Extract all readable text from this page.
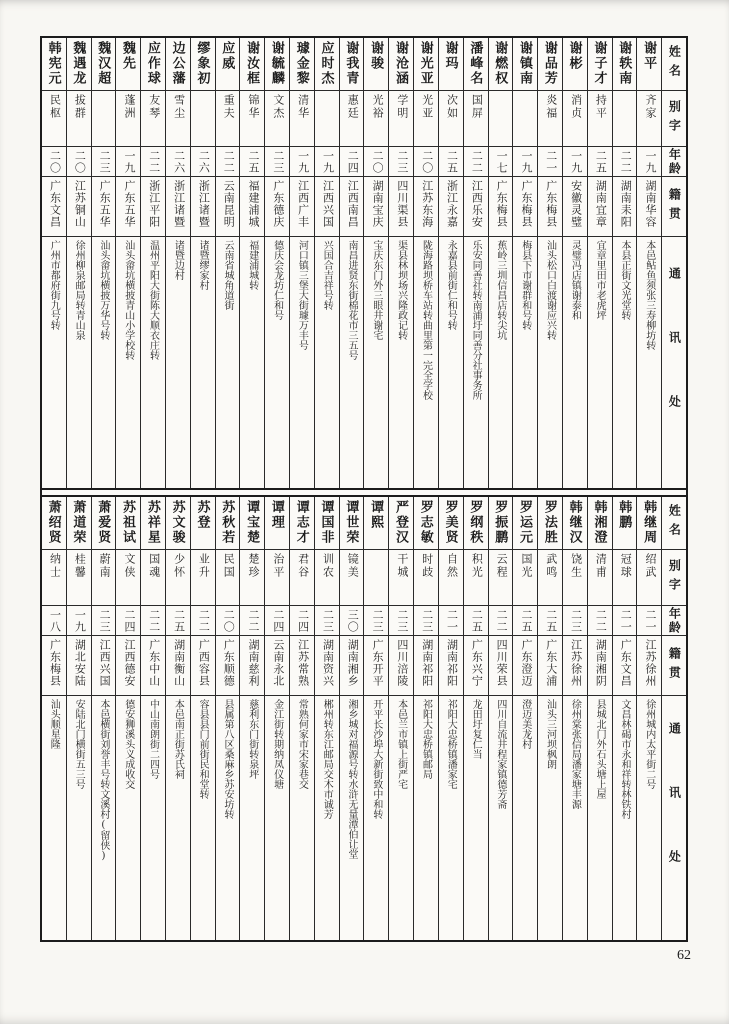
姓名
别字
年龄
籍贯
通讯处
谢平
齐家
一九
湖南华容
本邑鲇鱼须张三寿柳坊转
谢轶南
二二
湖南耒阳
本县正街文光堂转
谢子才
持平
二五
湖南宜章
宜章里田市老虎坪
谢彬
消贞
一九
安徽灵璧
灵璧冯店镇谢泰和
谢品芳
炎福
二一
广东梅县
汕头松口白渡谢应兴转
谢镇南
一九
广东梅县
梅县下市谢群和号转
谢燃权
一七
广东梅县
蕉岭三圳信昌店转尖坑
潘峰名
国屏
二二
江西乐安
乐安同善社转南浦圩同善分社事务所
谢玛
次如
二五
浙江永嘉
永嘉县前街仁和号转
谢光亚
光亚
二〇
江苏东海
陇海路坝桥车站转曲里第一完全学校
谢沧涵
学明
二三
四川渠县
渠县林坝场兴隆政记转
谢骏
光裕
二〇
湖南宝庆
宝庆东门外三眼井谢宅
谢我青
惠廷
二四
江西南昌
南昌进贤东街棉花市三五号
应时杰
一九
江西兴国
兴国合吉祥号转
璩金黎
清华
一九
江西广丰
河口镇三堡大街璩万丰号
谢毓麟
文杰
二三
广东德庆
德庆会龙坊仁和号
谢汝框
锦华
二五
福建浦城
福建浦城转
应威
重夫
二二
云南昆明
云南省城角道街
缪象初
二六
浙江诸暨
诸暨缪家村
边公藩
雪尘
二六
浙江诸暨
诸暨边村
应作球
友琴
二二
浙江平阳
温州平阳大街陈大顺衣庄转
魏先
蓬洲
一九
广东五华
汕头畲坑横披青山小学校转
魏汉超
二三
广东五华
汕头畲坑横披万华号转
魏遇龙
拔群
二〇
江苏铜山
徐州柳泉邮局转青山泉
韩宪元
民枢
二〇
广东文昌
广州市都府街九号转
姓名
别字
年龄
籍贯
通讯处
韩继周
绍武
二一
江苏徐州
徐州城内太平街二号
韩鹏
冠球
二一
广东文昌
文昌林碣市永和祥转林铁村
韩湘澄
清甫
二二
湖南湘阴
县城北门外石头塘上屋
韩继汉
饶生
二三
江苏徐州
徐州棠张信局潘家塘丰源
罗法胜
武鸣
二五
广东大浦
汕头三河坝枫朗
罗运元
国光
二五
广东澄迈
澄迈美龙村
罗振鹏
云程
二二
四川荣县
四川自流井程家镇德芳斋
罗纲秩
积光
二五
广东兴宁
龙田圩复仁当
罗美贤
自然
二一
湖南祁阳
祁阳大忠桥镇潘家宅
罗志敏
时歧
二三
湖南祁阳
祁阳大忠桥镇邮局
严登汉
干城
二三
四川涪陵
本邑兰市镇上街严宅
谭熙
二三
广东开平
开平长沙埠大新街致中和转
谭世荣
镜美
三〇
湖南湘乡
湘乡城对福源号转水浒无量潭伯让堂
谭国非
训农
二三
湖南资兴
郴州转东江邮局交木市诚芳
谭志才
君谷
二四
江苏常熟
常熟何家市宋家巷交
谭理
治平
二四
云南永北
金江街转期纳凤仪塘
谭宝楚
楚珍
二二
湖南慈利
慈利东门街转泉坪
苏秋若
民国
二〇
广东顺德
县属第八区桑麻乡苏安坊转
苏登
业升
二二
广西容县
容县县门前街民和堂转
苏文骏
少怀
二五
湖南衡山
本邑南正街苏氏祠
苏祥星
国魂
二二
广东中山
中山南朗街二四号
苏祖试
文侠
二四
江西德安
德安狮溪头义成收交
萧爱贤
蔚南
二三
江西兴国
本邑横街刘誉丰号转文溪村(留侠)
萧道荣
桂馨
一九
湖北安陆
安陆北门横街五三号
萧绍贤
纳士
一八
广东梅县
汕头顺星隆
62
